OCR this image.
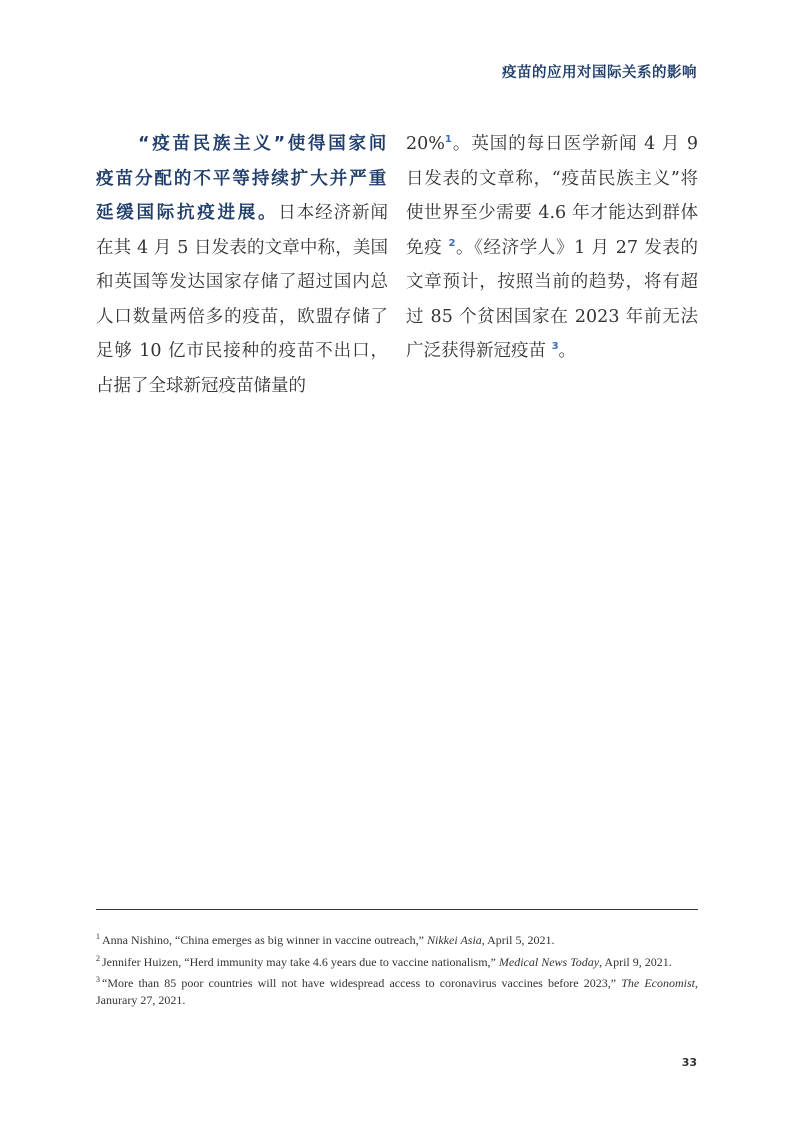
疫苗的应用对国际关系的影响
“疫苗民族主义”使得国家间疫苗分配的不平等持续扩大并严重延缓国际抗疫进展。日本经济新闻在其 4 月 5 日发表的文章中称，美国和英国等发达国家存储了超过国内总人口数量两倍多的疫苗，欧盟存储了足够 10 亿市民接种的疫苗不出口，占据了全球新冠疫苗储量的
20%$^1$。英国的每日医学新闻 4 月 9 日发表的文章称，“疫苗民族主义”将使世界至少需要 4.6 年才能达到群体免疫 $^2$。《经济学人》1 月 27 发表的文章预计，按照当前的趋势，将有超过 85 个贫困国家在 2023 年前无法广泛获得新冠疫苗 $^3$。

$^1$ Anna Nishino, “China emerges as big winner in vaccine outreach,” Nikkei Asia, April 5, 2021.

$^2$ Jennifer Huizen, “Herd immunity may take 4.6 years due to vaccine nationalism,” Medical News Today, April 9, 2021.

$^3$ “More than 85 poor countries will not have widespread access to coronavirus vaccines before 2023,” The Economist, Janurary 27, 2021.

33
